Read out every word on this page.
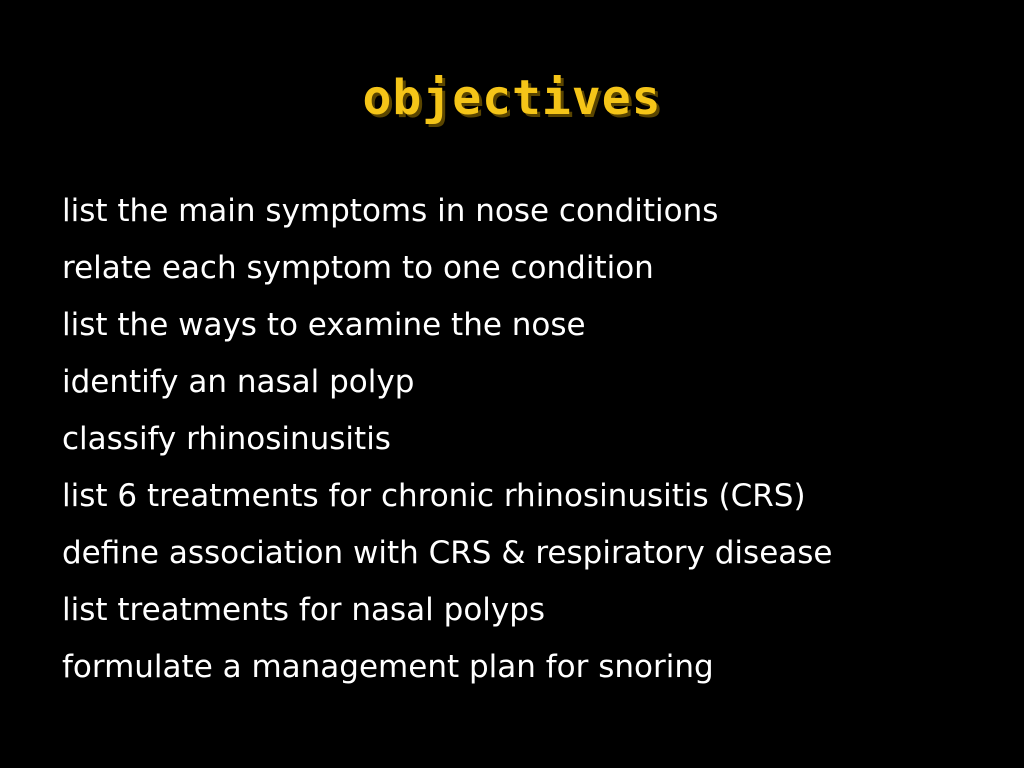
objectives
list the main symptoms in nose conditions
relate each symptom to one condition
list the ways to examine the nose
identify an nasal polyp
classify rhinosinusitis
list 6 treatments for chronic rhinosinusitis (CRS)
define association with CRS & respiratory disease
list treatments for nasal polyps
formulate a management plan for snoring
